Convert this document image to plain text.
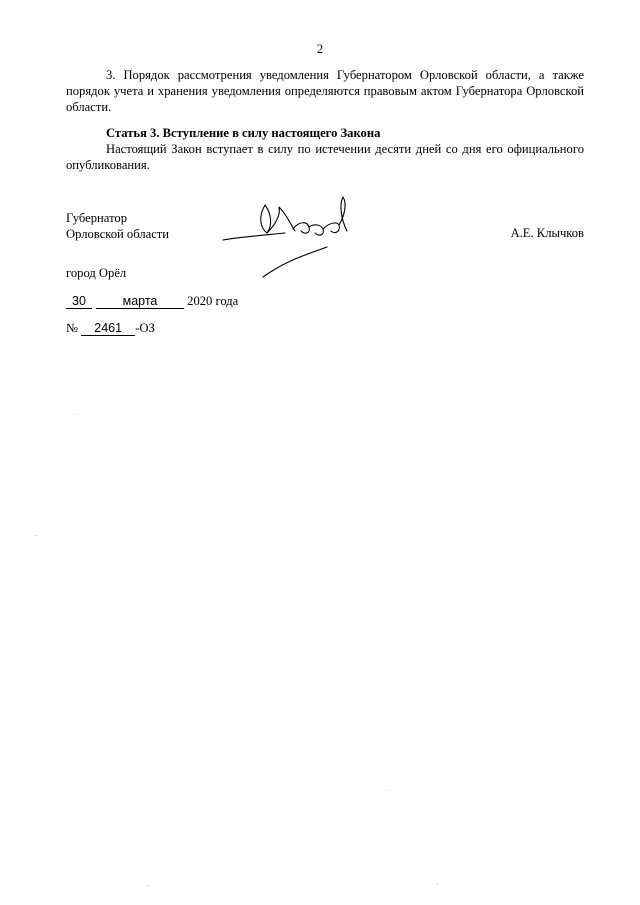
2

3. Порядок рассмотрения уведомления Губернатором Орловской области, а также порядок учета и хранения уведомления определяются правовым актом Губернатора Орловской области.

Статья 3. Вступление в силу настоящего Закона

Настоящий Закон вступает в силу по истечении десяти дней со дня его официального опубликования.

Губернатор
Орловской области	А.Е. Клычков
город Орёл
30	марта 2020 года
№ 2461 -ОЗ
